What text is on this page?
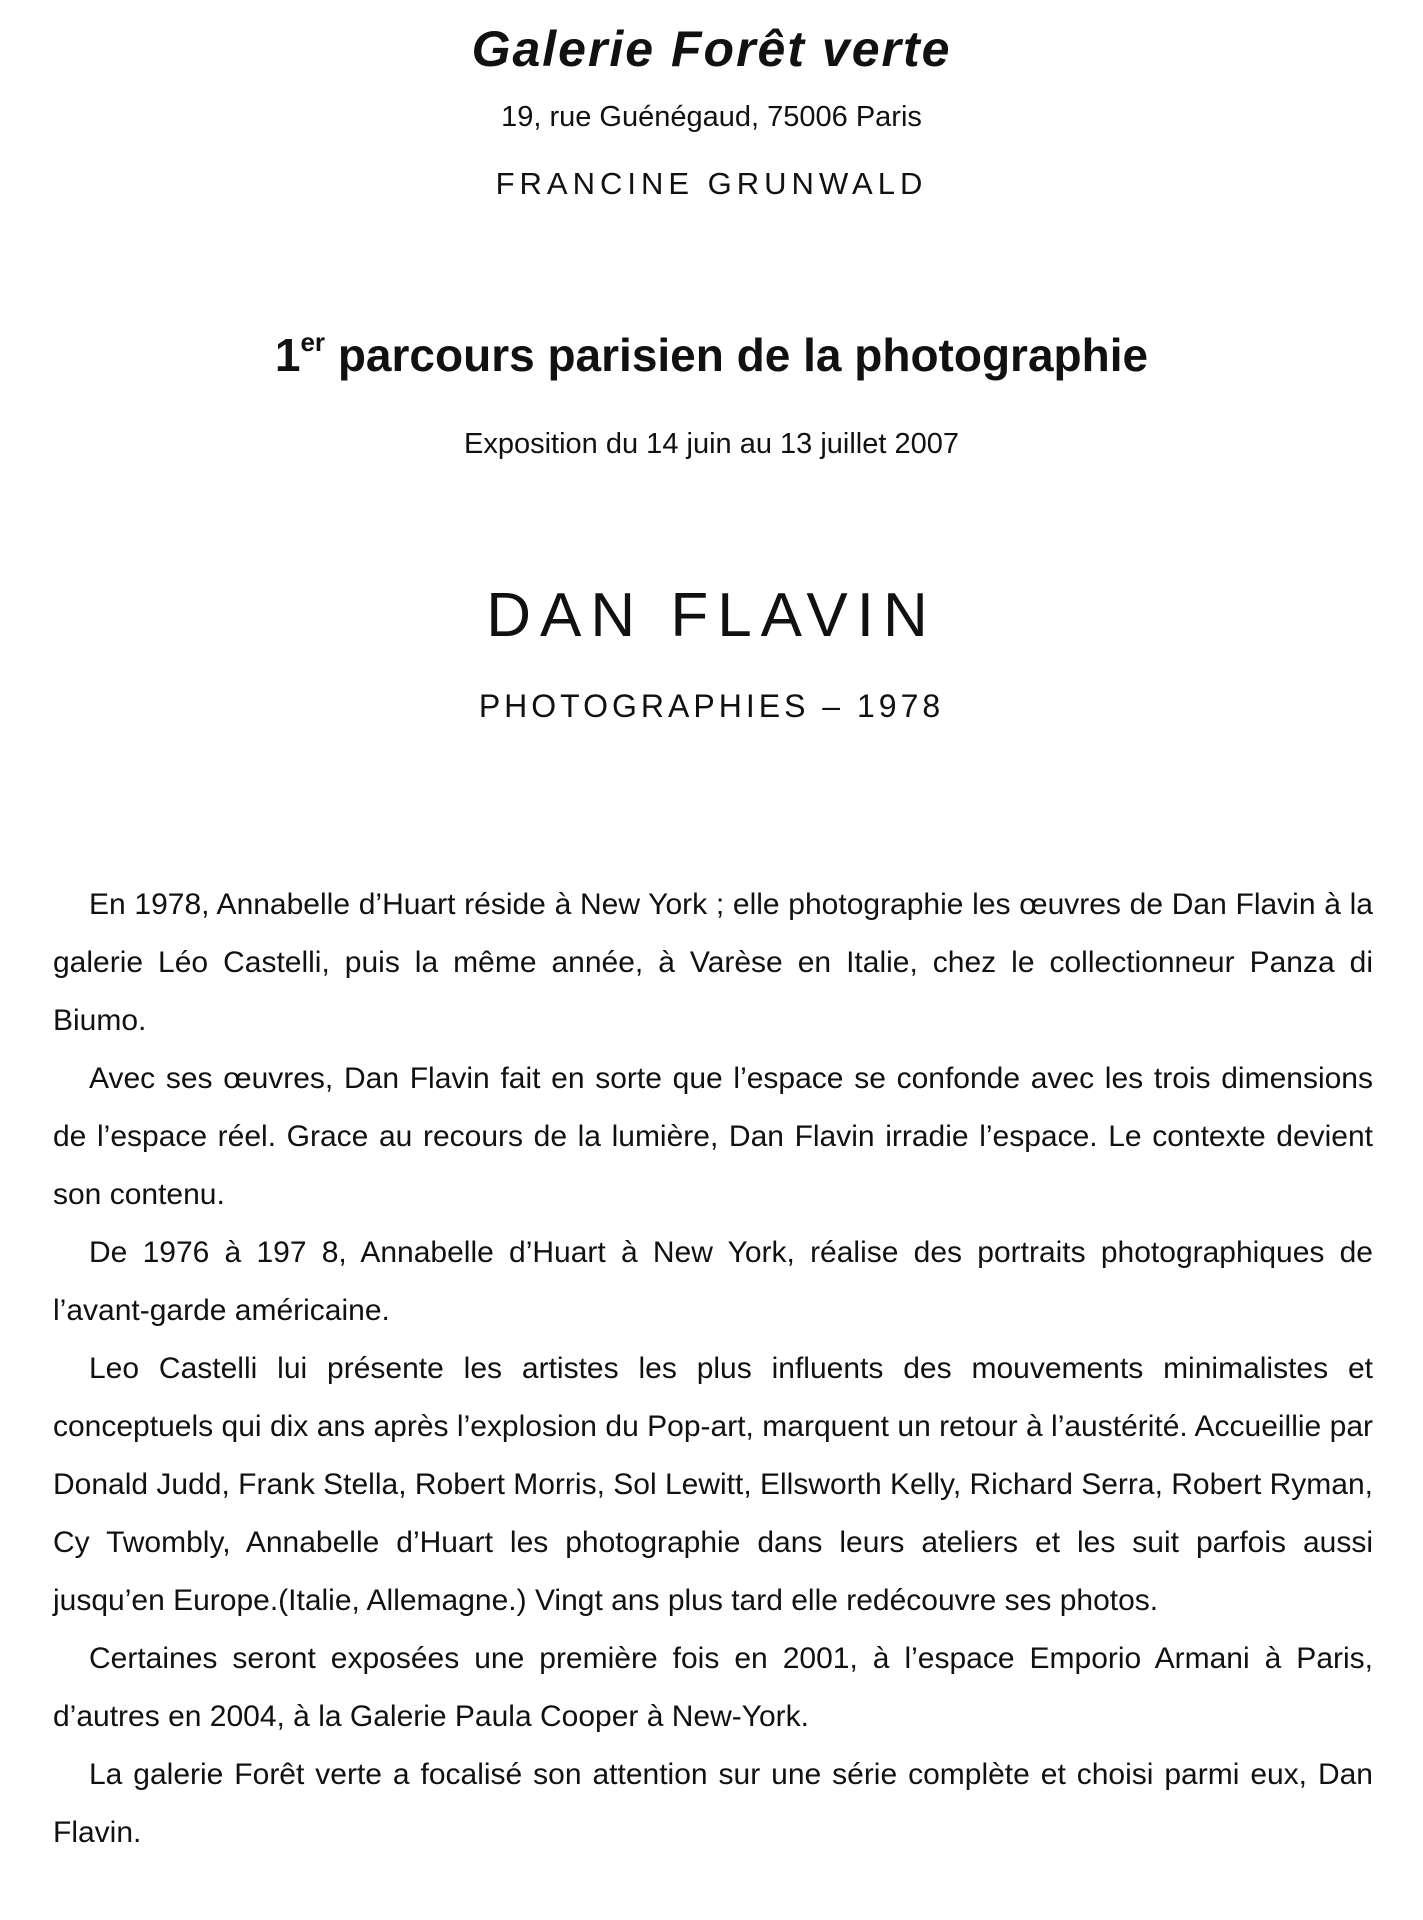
Galerie Forêt verte
19, rue Guénégaud, 75006 Paris
FRANCINE GRUNWALD
1er parcours parisien de la photographie
Exposition du 14 juin au 13 juillet 2007
DAN FLAVIN
PHOTOGRAPHIES – 1978

En 1978, Annabelle d’Huart réside à New York ; elle photographie les œuvres de Dan Flavin à la galerie Léo Castelli, puis la même année, à Varèse en Italie, chez le collectionneur Panza di Biumo.

Avec ses œuvres, Dan Flavin fait en sorte que l’espace se confonde avec les trois dimensions de l’espace réel. Grace au recours de la lumière, Dan Flavin irradie l’espace. Le contexte devient son contenu.

De 1976 à 197 8, Annabelle d’Huart à New York, réalise des portraits photographiques de l’avant-garde américaine.

Leo Castelli lui présente les artistes les plus influents des mouvements minimalistes et conceptuels qui dix ans après l’explosion du Pop-art, marquent un retour à l’austérité. Accueillie par Donald Judd, Frank Stella, Robert Morris, Sol Lewitt, Ellsworth Kelly, Richard Serra, Robert Ryman, Cy Twombly, Annabelle d’Huart les photographie dans leurs ateliers et les suit parfois aussi jusqu’en Europe.(Italie, Allemagne.) Vingt ans plus tard elle redécouvre ses photos.

Certaines seront exposées une première fois en 2001, à l’espace Emporio Armani à Paris, d’autres en 2004, à la Galerie Paula Cooper à New-York.

La galerie Forêt verte a focalisé son attention sur une série complète et choisi parmi eux, Dan Flavin.
